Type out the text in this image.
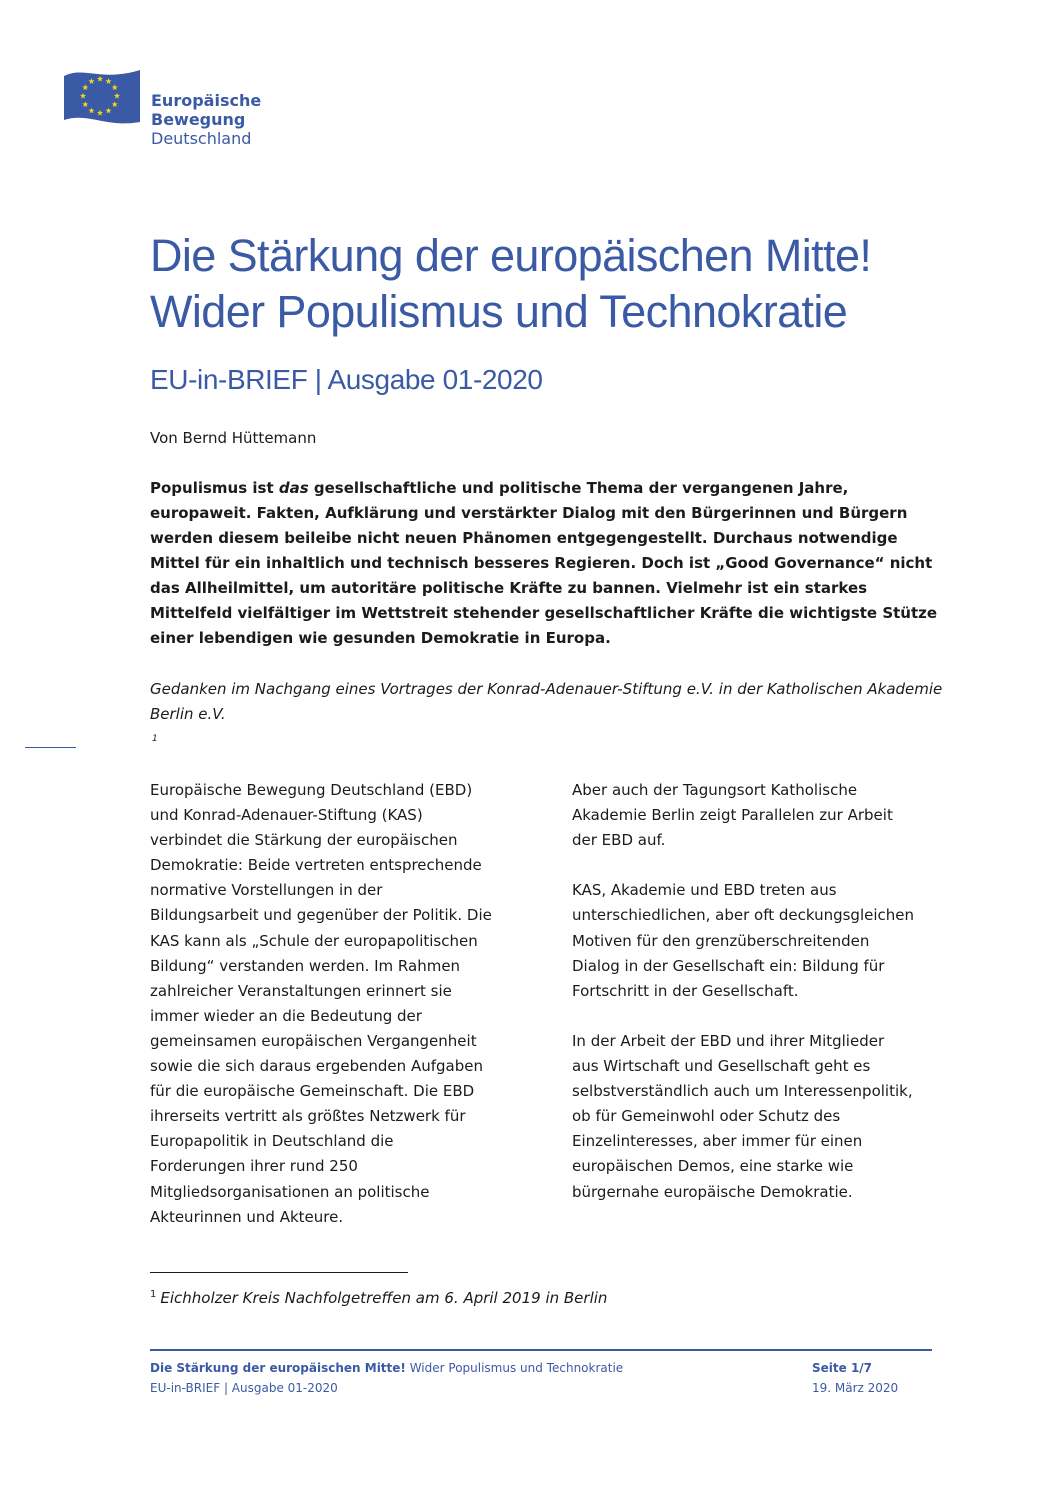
Europäische
Bewegung
Deutschland
Die Stärkung der europäischen Mitte!
Wider Populismus und Technokratie
EU-in-BRIEF | Ausgabe 01-2020
Von Bernd Hüttemann

Populismus ist das gesellschaftliche und politische Thema der vergangenen Jahre,
europaweit. Fakten, Aufklärung und verstärkter Dialog mit den Bürgerinnen und Bürgern
werden diesem beileibe nicht neuen Phänomen entgegengestellt. Durchaus notwendige
Mittel für ein inhaltlich und technisch besseres Regieren. Doch ist „Good Governance“ nicht
das Allheilmittel, um autoritäre politische Kräfte zu bannen. Vielmehr ist ein starkes
Mittelfeld vielfältiger im Wettstreit stehender gesellschaftlicher Kräfte die wichtigste Stütze
einer lebendigen wie gesunden Demokratie in Europa.

Gedanken im Nachgang eines Vortrages der Konrad-Adenauer-Stiftung e.V. in der Katholischen Akademie
Berlin e.V.
$^1$

Europäische Bewegung Deutschland (EBD)
und Konrad-Adenauer-Stiftung (KAS)
verbindet die Stärkung der europäischen
Demokratie: Beide vertreten entsprechende
normative Vorstellungen in der
Bildungsarbeit und gegenüber der Politik. Die
KAS kann als „Schule der europapolitischen
Bildung“ verstanden werden. Im Rahmen
zahlreicher Veranstaltungen erinnert sie
immer wieder an die Bedeutung der
gemeinsamen europäischen Vergangenheit
sowie die sich daraus ergebenden Aufgaben
für die europäische Gemeinschaft. Die EBD
ihrerseits vertritt als größtes Netzwerk für
Europapolitik in Deutschland die
Forderungen ihrer rund 250
Mitgliedsorganisationen an politische
Akteurinnen und Akteure.
Aber auch der Tagungsort Katholische
Akademie Berlin zeigt Parallelen zur Arbeit
der EBD auf.
KAS, Akademie und EBD treten aus
unterschiedlichen, aber oft deckungsgleichen
Motiven für den grenzüberschreitenden
Dialog in der Gesellschaft ein: Bildung für
Fortschritt in der Gesellschaft.
In der Arbeit der EBD und ihrer Mitglieder
aus Wirtschaft und Gesellschaft geht es
selbstverständlich auch um Interessenpolitik,
ob für Gemeinwohl oder Schutz des
Einzelinteresses, aber immer für einen
europäischen Demos, eine starke wie
bürgernahe europäische Demokratie.
$^1$ Eichholzer Kreis Nachfolgetreffen am 6. April 2019 in Berlin
Die Stärkung der europäischen Mitte! Wider Populismus und Technokratie
EU-in-BRIEF | Ausgabe 01-2020
Seite 1/7
19. März 2020
